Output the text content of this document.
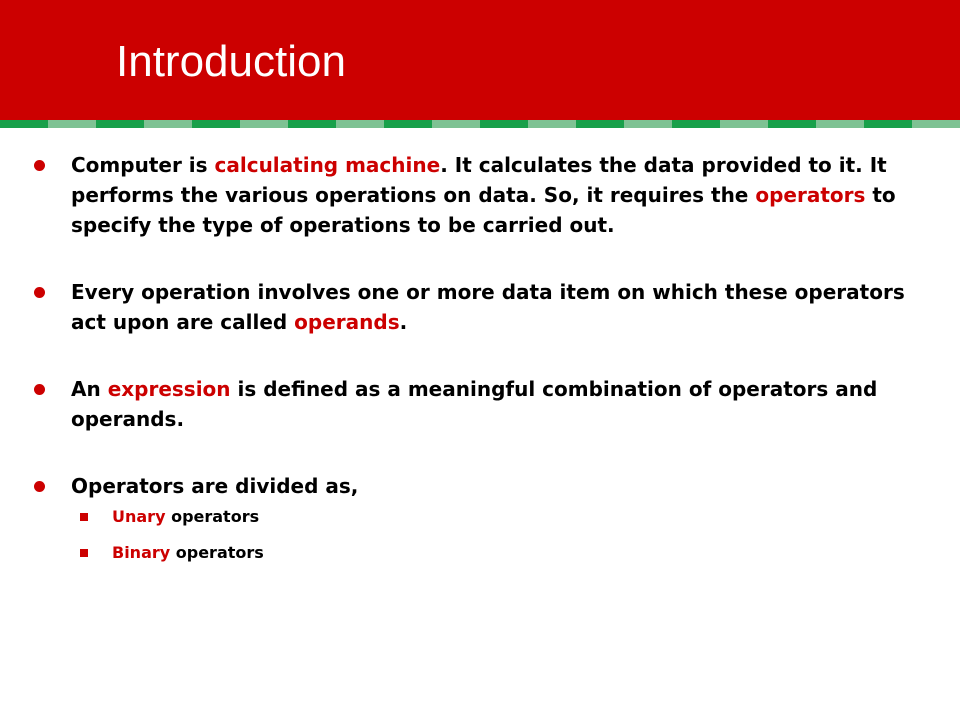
Introduction
Computer is calculating machine. It calculates the data provided to it. It performs the various operations on data. So, it requires the operators to specify the type of operations to be carried out.
Every operation involves one or more data item on which these operators act upon are called operands.
An expression is defined as a meaningful combination of operators and operands.
Operators are divided as,
Unary operators
Binary operators
